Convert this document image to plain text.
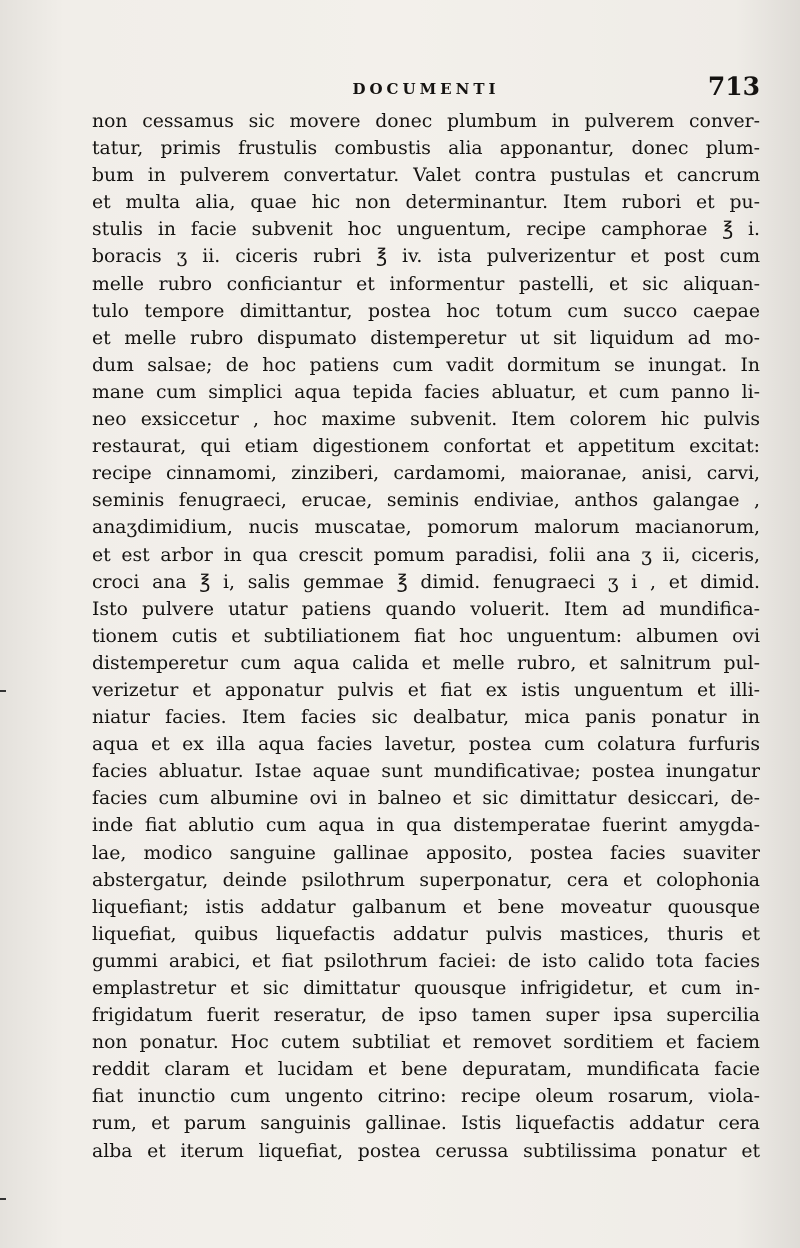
DOCUMENTI	713
non cessamus sic movere donec plumbum in pulverem conver-
tatur, primis frustulis combustis alia apponantur, donec plum-
bum in pulverem convertatur. Valet contra pustulas et cancrum
et multa alia, quae hic non determinantur. Item rubori et pu-
stulis in facie subvenit hoc unguentum, recipe camphorae ℥ i.
boracis ʒ ii. ciceris rubri ℥ iv. ista pulverizentur et post cum
melle rubro conficiantur et informentur pastelli, et sic aliquan-
tulo tempore dimittantur, postea hoc totum cum succo caepae
et melle rubro dispumato distemperetur ut sit liquidum ad mo-
dum salsae; de hoc patiens cum vadit dormitum se inungat. In
mane cum simplici aqua tepida facies abluatur, et cum panno li-
neo exsiccetur , hoc maxime subvenit. Item colorem hic pulvis
restaurat, qui etiam digestionem confortat et appetitum excitat:
recipe cinnamomi, zinziberi, cardamomi, maioranae, anisi, carvi,
seminis fenugraeci, erucae, seminis endiviae, anthos galangae ,
anaʒdimidium, nucis muscatae, pomorum malorum macianorum,
et est arbor in qua crescit pomum paradisi, folii ana ʒ ii, ciceris,
croci ana ℥ i, salis gemmae ℥ dimid. fenugraeci ʒ i , et dimid.
Isto pulvere utatur patiens quando voluerit. Item ad mundifica-
tionem cutis et subtiliationem fiat hoc unguentum: albumen ovi
distemperetur cum aqua calida et melle rubro, et salnitrum pul-
verizetur et apponatur pulvis et fiat ex istis unguentum et illi-
niatur facies. Item facies sic dealbatur, mica panis ponatur in
aqua et ex illa aqua facies lavetur, postea cum colatura furfuris
facies abluatur. Istae aquae sunt mundificativae; postea inungatur
facies cum albumine ovi in balneo et sic dimittatur desiccari, de-
inde fiat ablutio cum aqua in qua distemperatae fuerint amygda-
lae, modico sanguine gallinae apposito, postea facies suaviter
abstergatur, deinde psilothrum superponatur, cera et colophonia
liquefiant; istis addatur galbanum et bene moveatur quousque
liquefiat, quibus liquefactis addatur pulvis mastices, thuris et
gummi arabici, et fiat psilothrum faciei: de isto calido tota facies
emplastretur et sic dimittatur quousque infrigidetur, et cum in-
frigidatum fuerit reseratur, de ipso tamen super ipsa supercilia
non ponatur. Hoc cutem subtiliat et removet sorditiem et faciem
reddit claram et lucidam et bene depuratam, mundificata facie
fiat inunctio cum ungento citrino: recipe oleum rosarum, viola-
rum, et parum sanguinis gallinae. Istis liquefactis addatur cera
alba et iterum liquefiat, postea cerussa subtilissima ponatur et
